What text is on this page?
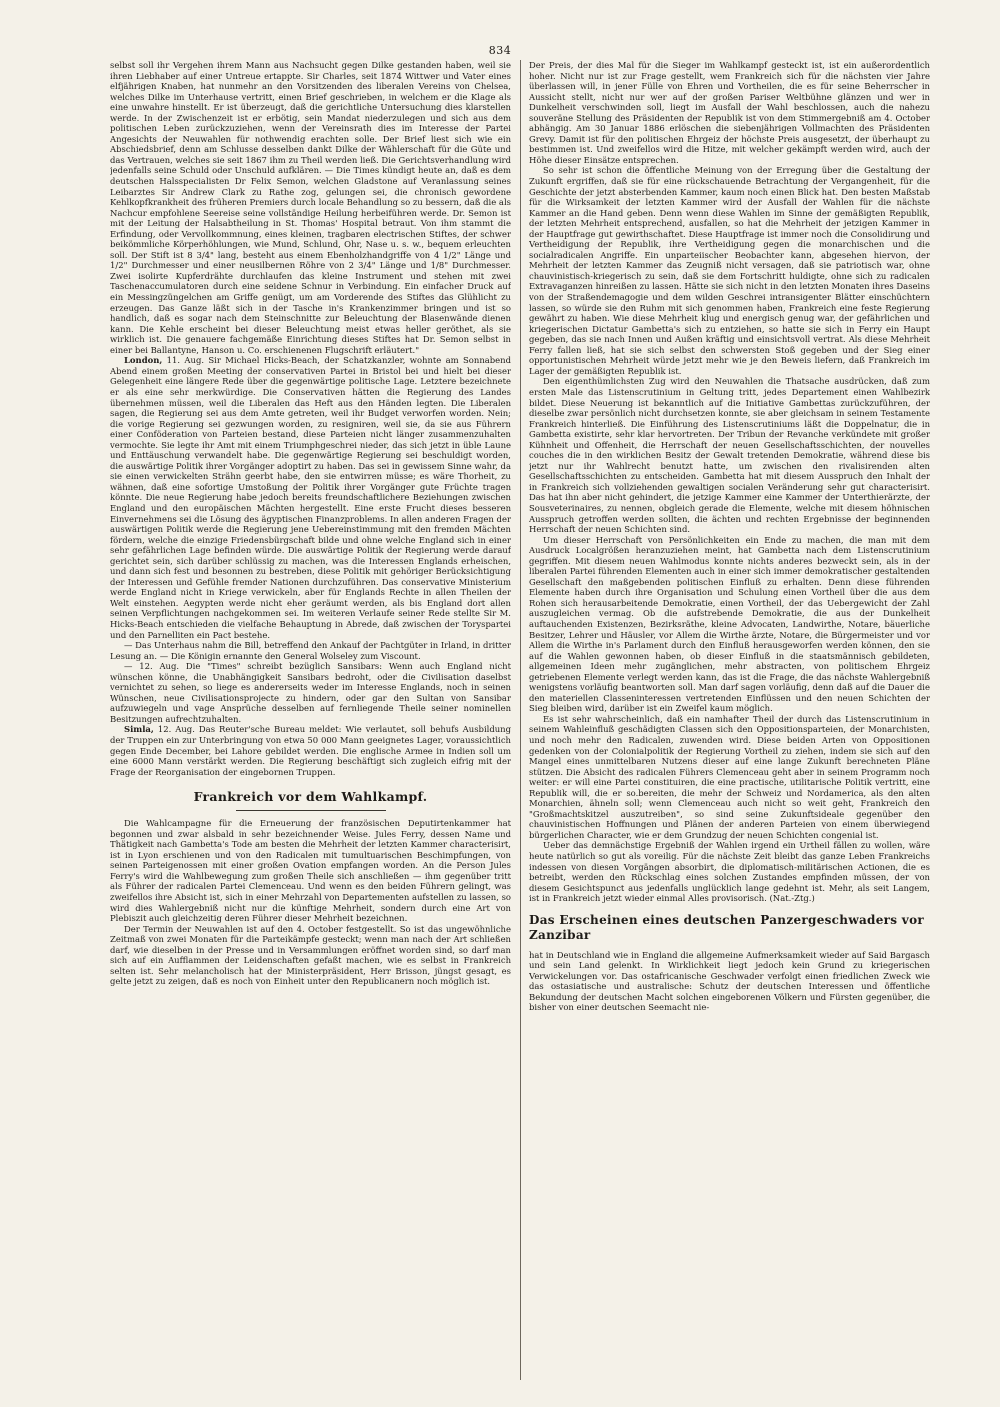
834

selbst soll ihr Vergehen ihrem Mann aus Nachsucht gegen Dilke gestanden haben, weil sie ihren Liebhaber auf einer Untreue ertappte. Sir Charles, seit 1874 Wittwer und Vater eines elfjährigen Knaben, hat nunmehr an den Vorsitzenden des liberalen Vereins von Chelsea, welches Dilke im Unterhause vertritt, einen Brief geschrieben, in welchem er die Klage als eine unwahre hinstellt. Er ist überzeugt, daß die gerichtliche Untersuchung dies klarstellen werde. In der Zwischenzeit ist er erbötig, sein Mandat niederzulegen und sich aus dem politischen Leben zurückzuziehen, wenn der Vereinsrath dies im Interesse der Partei Angesichts der Neuwahlen für nothwendig erachten solle. Der Brief liest sich wie ein Abschiedsbrief, denn am Schlusse desselben dankt Dilke der Wählerschaft für die Güte und das Vertrauen, welches sie seit 1867 ihm zu Theil werden ließ. Die Gerichtsverhandlung wird jedenfalls seine Schuld oder Unschuld aufklären. — Die Times kündigt heute an, daß es dem deutschen Halsspecialisten Dr Felix Semon, welchen Gladstone auf Veranlassung seines Leibarztes Sir Andrew Clark zu Rathe zog, gelungen sei, die chronisch gewordene Kehlkopfkrankheit des früheren Premiers durch locale Behandlung so zu bessern, daß die als Nachcur empfohlene Seereise seine vollständige Heilung herbeiführen werde. Dr. Semon ist mit der Leitung der Halsabtheilung in St. Thomas' Hospital betraut. Von ihm stammt die Erfindung, oder Vervollkommnung, eines kleinen, tragbaren electrischen Stiftes, der schwer beikömmliche Körperhöhlungen, wie Mund, Schlund, Ohr, Nase u. s. w., bequem erleuchten soll. Der Stift ist 8 3/4" lang, besteht aus einem Ebenholzhandgriffe von 4 1/2" Länge und 1/2" Durchmesser und einer neusilbernen Röhre von 2 3/4" Länge und 1/8" Durchmesser. Zwei isolirte Kupferdrähte durchlaufen das kleine Instrument und stehen mit zwei Taschenaccumulatoren durch eine seidene Schnur in Verbindung. Ein einfacher Druck auf ein Messingzüngelchen am Griffe genügt, um am Vorderende des Stiftes das Glühlicht zu erzeugen. Das Ganze läßt sich in der Tasche in's Krankenzimmer bringen und ist so handlich, daß es sogar nach dem Steinschnitte zur Beleuchtung der Blasenwände dienen kann. Die Kehle erscheint bei dieser Beleuchtung meist etwas heller geröthet, als sie wirklich ist. Die genauere fachgemäße Einrichtung dieses Stiftes hat Dr. Semon selbst in einer bei Ballantyne, Hanson u. Co. erschienenen Flugschrift erläutert."

London, 11. Aug. Sir Michael Hicks-Beach, der Schatzkanzler, wohnte am Sonnabend Abend einem großen Meeting der conservativen Partei in Bristol bei und hielt bei dieser Gelegenheit eine längere Rede über die gegenwärtige politische Lage. Letztere bezeichnete er als eine sehr merkwürdige. Die Conservativen hätten die Regierung des Landes übernehmen müssen, weil die Liberalen das Heft aus den Händen legten. Die Liberalen sagen, die Regierung sei aus dem Amte getreten, weil ihr Budget verworfen worden. Nein; die vorige Regierung sei gezwungen worden, zu resigniren, weil sie, da sie aus Führern einer Conföderation von Parteien bestand, diese Parteien nicht länger zusammenzuhalten vermochte. Sie legte ihr Amt mit einem Triumphgeschrei nieder, das sich jetzt in üble Laune und Enttäuschung verwandelt habe. Die gegenwärtige Regierung sei beschuldigt worden, die auswärtige Politik ihrer Vorgänger adoptirt zu haben. Das sei in gewissem Sinne wahr, da sie einen verwickelten Strähn geerbt habe, den sie entwirren müsse; es wäre Thorheit, zu wähnen, daß eine sofortige Umstoßung der Politik ihrer Vorgänger gute Früchte tragen könnte. Die neue Regierung habe jedoch bereits freundschaftlichere Beziehungen zwischen England und den europäischen Mächten hergestellt. Eine erste Frucht dieses besseren Einvernehmens sei die Lösung des ägyptischen Finanzproblems. In allen anderen Fragen der auswärtigen Politik werde die Regierung jene Uebereinstimmung mit den fremden Mächten fördern, welche die einzige Friedensbürgschaft bilde und ohne welche England sich in einer sehr gefährlichen Lage befinden würde. Die auswärtige Politik der Regierung werde darauf gerichtet sein, sich darüber schlüssig zu machen, was die Interessen Englands erheischen, und dann sich fest und besonnen zu bestreben, diese Politik mit gehöriger Berücksichtigung der Interessen und Gefühle fremder Nationen durchzuführen. Das conservative Ministerium werde England nicht in Kriege verwickeln, aber für Englands Rechte in allen Theilen der Welt einstehen. Aegypten werde nicht eher geräumt werden, als bis England dort allen seinen Verpflichtungen nachgekommen sei. Im weiteren Verlaufe seiner Rede stellte Sir M. Hicks-Beach entschieden die vielfache Behauptung in Abrede, daß zwischen der Toryspartei und den Parnelliten ein Pact bestehe.

— Das Unterhaus nahm die Bill, betreffend den Ankauf der Pachtgüter in Irland, in dritter Lesung an. — Die Königin ernannte den General Wolseley zum Viscount.

— 12. Aug. Die "Times" schreibt bezüglich Sansibars: Wenn auch England nicht wünschen könne, die Unabhängigkeit Sansibars bedroht, oder die Civilisation daselbst vernichtet zu sehen, so liege es andererseits weder im Interesse Englands, noch in seinen Wünschen, neue Civilisationsprojecte zu hindern, oder gar den Sultan von Sansibar aufzuwiegeln und vage Ansprüche desselben auf fernliegende Theile seiner nominellen Besitzungen aufrechtzuhalten.

Simla, 12. Aug. Das Reuter'sche Bureau meldet: Wie verlautet, soll behufs Ausbildung der Truppen ein zur Unterbringung von etwa 50 000 Mann geeignetes Lager, voraussichtlich gegen Ende December, bei Lahore gebildet werden. Die englische Armee in Indien soll um eine 6000 Mann verstärkt werden. Die Regierung beschäftigt sich zugleich eifrig mit der Frage der Reorganisation der eingebornen Truppen.

Frankreich vor dem Wahlkampf.

Die Wahlcampagne für die Erneuerung der französischen Deputirtenkammer hat begonnen und zwar alsbald in sehr bezeichnender Weise. Jules Ferry, dessen Name und Thätigkeit nach Gambetta's Tode am besten die Mehrheit der letzten Kammer characterisirt, ist in Lyon erschienen und von den Radicalen mit tumultuarischen Beschimpfungen, von seinen Parteigenossen mit einer großen Ovation empfangen worden. An die Person Jules Ferry's wird die Wahlbewegung zum großen Theile sich anschließen — ihm gegenüber tritt als Führer der radicalen Partei Clemenceau. Und wenn es den beiden Führern gelingt, was zweifellos ihre Absicht ist, sich in einer Mehrzahl von Departementen aufstellen zu lassen, so wird dies Wahlergebniß nicht nur die künftige Mehrheit, sondern durch eine Art von Plebiszit auch gleichzeitig deren Führer dieser Mehrheit bezeichnen.

Der Termin der Neuwahlen ist auf den 4. October festgestellt. So ist das ungewöhnliche Zeitmaß von zwei Monaten für die Parteikämpfe gesteckt; wenn man nach der Art schließen darf, wie dieselben in der Presse und in Versammlungen eröffnet worden sind, so darf man sich auf ein Aufflammen der Leidenschaften gefaßt machen, wie es selbst in Frankreich selten ist. Sehr melancholisch hat der Ministerpräsident, Herr Brisson, jüngst gesagt, es gelte jetzt zu zeigen, daß es noch von Einheit unter den Republicanern noch möglich ist.

Der Preis, der dies Mal für die Sieger im Wahlkampf gesteckt ist, ist ein außerordentlich hoher. Nicht nur ist zur Frage gestellt, wem Frankreich sich für die nächsten vier Jahre überlassen will, in jener Fülle von Ehren und Vortheilen, die es für seine Beherrscher in Aussicht stellt, nicht nur wer auf der großen Pariser Weltbühne glänzen und wer in Dunkelheit verschwinden soll, liegt im Ausfall der Wahl beschlossen, auch die nahezu souveräne Stellung des Präsidenten der Republik ist von dem Stimmergebniß am 4. October abhängig. Am 30 Januar 1886 erlöschen die siebenjährigen Vollmachten des Präsidenten Grevy. Damit ist für den politischen Ehrgeiz der höchste Preis ausgesetzt, der überhaupt zu bestimmen ist. Und zweifellos wird die Hitze, mit welcher gekämpft werden wird, auch der Höhe dieser Einsätze entsprechen.

So sehr ist schon die öffentliche Meinung von der Erregung über die Gestaltung der Zukunft ergriffen, daß sie für eine rückschauende Betrachtung der Vergangenheit, für die Geschichte der jetzt absterbenden Kammer, kaum noch einen Blick hat. Den besten Maßstab für die Wirksamkeit der letzten Kammer wird der Ausfall der Wahlen für die nächste Kammer an die Hand geben. Denn wenn diese Wahlen im Sinne der gemäßigten Republik, der letzten Mehrheit entsprechend, ausfallen, so hat die Mehrheit der jetzigen Kammer in der Hauptfrage gut gewirthschaftet. Diese Hauptfrage ist immer noch die Consolidirung und Vertheidigung der Republik, ihre Vertheidigung gegen die monarchischen und die socialradicalen Angriffe. Ein unparteiischer Beobachter kann, abgesehen hiervon, der Mehrheit der letzten Kammer das Zeugniß nicht versagen, daß sie patriotisch war, ohne chauvinistisch-kriegerisch zu sein, daß sie dem Fortschritt huldigte, ohne sich zu radicalen Extravaganzen hinreißen zu lassen. Hätte sie sich nicht in den letzten Monaten ihres Daseins von der Straßendemagogie und dem wilden Geschrei intransigenter Blätter einschüchtern lassen, so würde sie den Ruhm mit sich genommen haben, Frankreich eine feste Regierung gewährt zu haben. Wie diese Mehrheit klug und energisch genug war, der gefährlichen und kriegerischen Dictatur Gambetta's sich zu entziehen, so hatte sie sich in Ferry ein Haupt gegeben, das sie nach Innen und Außen kräftig und einsichtsvoll vertrat. Als diese Mehrheit Ferry fallen ließ, hat sie sich selbst den schwersten Stoß gegeben und der Sieg einer opportunistischen Mehrheit würde jetzt mehr wie je den Beweis liefern, daß Frankreich im Lager der gemäßigten Republik ist.

Den eigenthümlichsten Zug wird den Neuwahlen die Thatsache ausdrücken, daß zum ersten Male das Listenscrutinium in Geltung tritt, jedes Departement einen Wahlbezirk bildet. Diese Neuerung ist bekanntlich auf die Initiative Gambettas zurückzuführen, der dieselbe zwar persönlich nicht durchsetzen konnte, sie aber gleichsam in seinem Testamente Frankreich hinterließ. Die Einführung des Listenscrutiniums läßt die Doppelnatur, die in Gambetta existirte, sehr klar hervortreten. Der Tribun der Revanche verkündete mit großer Kühnheit und Offenheit, die Herrschaft der neuen Gesellschaftsschichten, der nouvelles couches die in den wirklichen Besitz der Gewalt tretenden Demokratie, während diese bis jetzt nur ihr Wahlrecht benutzt hatte, um zwischen den rivalisirenden alten Gesellschaftsschichten zu entscheiden. Gambetta hat mit diesem Ausspruch den Inhalt der in Frankreich sich vollziehenden gewaltigen socialen Veränderung sehr gut characterisirt. Das hat ihn aber nicht gehindert, die jetzige Kammer eine Kammer der Unterthierärzte, der Sousveterinaires, zu nennen, obgleich gerade die Elemente, welche mit diesem höhnischen Ausspruch getroffen werden sollten, die ächten und rechten Ergebnisse der beginnenden Herrschaft der neuen Schichten sind.

Um dieser Herrschaft von Persönlichkeiten ein Ende zu machen, die man mit dem Ausdruck Localgrößen heranzuziehen meint, hat Gambetta nach dem Listenscrutinium gegriffen. Mit diesem neuen Wahlmodus konnte nichts anderes bezweckt sein, als in der liberalen Partei führenden Elementen auch in einer sich immer demokratischer gestaltenden Gesellschaft den maßgebenden politischen Einfluß zu erhalten. Denn diese führenden Elemente haben durch ihre Organisation und Schulung einen Vortheil über die aus dem Rohen sich herausarbeitende Demokratie, einen Vortheil, der das Uebergewicht der Zahl auszugleichen vermag. Ob die aufstrebende Demokratie, die aus der Dunkelheit auftauchenden Existenzen, Bezirksräthe, kleine Advocaten, Landwirthe, Notare, bäuerliche Besitzer, Lehrer und Häusler, vor Allem die Wirthe ärzte, Notare, die Bürgermeister und vor Allem die Wirthe in's Parlament durch den Einfluß herausgeworfen werden können, den sie auf die Wahlen gewonnen haben, ob dieser Einfluß in die staatsmännisch gebildeten, allgemeinen Ideen mehr zugänglichen, mehr abstracten, von politischem Ehrgeiz getriebenen Elemente verlegt werden kann, das ist die Frage, die das nächste Wahlergebniß wenigstens vorläufig beantworten soll. Man darf sagen vorläufig, denn daß auf die Dauer die den materiellen Classeninteressen vertretenden Einflüssen und den neuen Schichten der Sieg bleiben wird, darüber ist ein Zweifel kaum möglich.

Es ist sehr wahrscheinlich, daß ein namhafter Theil der durch das Listenscrutinium in seinem Wahleinfluß geschädigten Classen sich den Oppositionsparteien, der Monarchisten, und noch mehr den Radicalen, zuwenden wird. Diese beiden Arten von Oppositionen gedenken von der Colonialpolitik der Regierung Vortheil zu ziehen, indem sie sich auf den Mangel eines unmittelbaren Nutzens dieser auf eine lange Zukunft berechneten Pläne stützen. Die Absicht des radicalen Führers Clemenceau geht aber in seinem Programm noch weiter: er will eine Partei constituiren, die eine practische, utilitarische Politik vertritt, eine Republik will, die er so.bereiten, die mehr der Schweiz und Nordamerica, als den alten Monarchien, ähneln soll; wenn Clemenceau auch nicht so weit geht, Frankreich den "Großmachtskitzel auszutreiben", so sind seine Zukunftsideale gegenüber den chauvinistischen Hoffnungen und Plänen der anderen Parteien von einem überwiegend bürgerlichen Character, wie er dem Grundzug der neuen Schichten congenial ist.

Ueber das demnächstige Ergebniß der Wahlen irgend ein Urtheil fällen zu wollen, wäre heute natürlich so gut als voreilig. Für die nächste Zeit bleibt das ganze Leben Frankreichs indessen von diesen Vorgängen absorbirt, die diplomatisch-militärischen Actionen, die es betreibt, werden den Rückschlag eines solchen Zustandes empfinden müssen, der von diesem Gesichtspunct aus jedenfalls unglücklich lange gedehnt ist. Mehr, als seit Langem, ist in Frankreich jetzt wieder einmal Alles provisorisch. (Nat.-Ztg.)

Das Erscheinen eines deutschen Panzergeschwaders vor Zanzibar

hat in Deutschland wie in England die allgemeine Aufmerksamkeit wieder auf Said Bargasch und sein Land gelenkt. In Wirklichkeit liegt jedoch kein Grund zu kriegerischen Verwickelungen vor. Das ostafricanische Geschwader verfolgt einen friedlichen Zweck wie das ostasiatische und australische: Schutz der deutschen Interessen und öffentliche Bekundung der deutschen Macht solchen eingeborenen Völkern und Fürsten gegenüber, die bisher von einer deutschen Seemacht nie-
